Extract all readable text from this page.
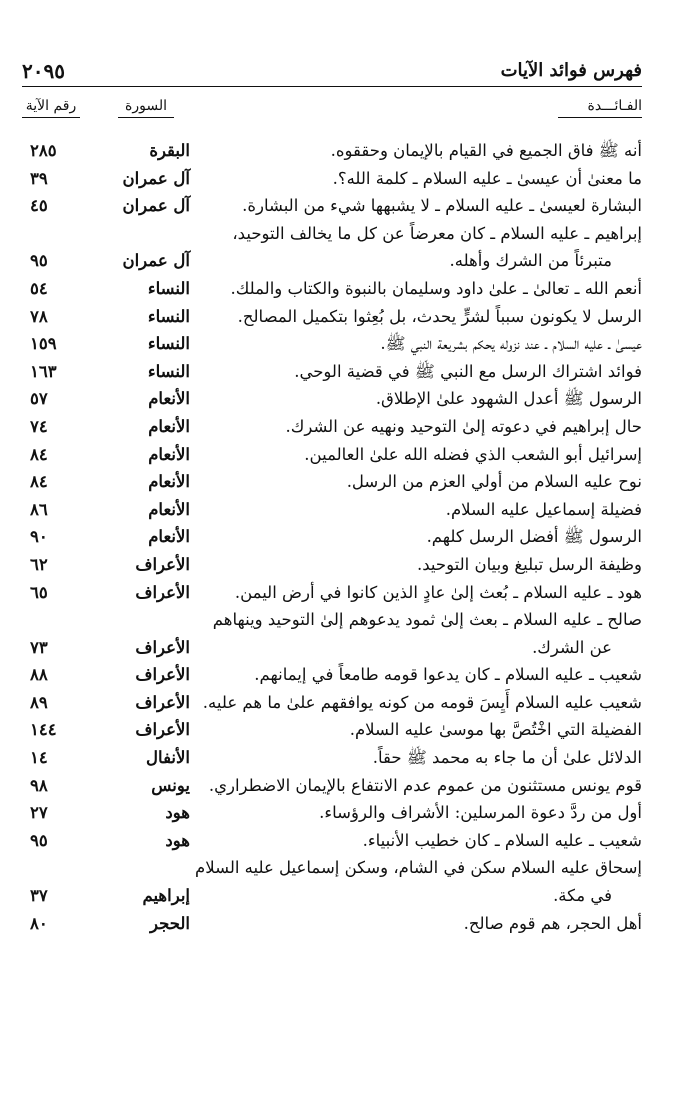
فهرس فوائد الآيات
٢٠٩٥
الفـائـــدة
السورة
رقم الآية
أنه ﷺ فاق الجميع في القيام بالإيمان وحققوه.
البقرة
٢٨٥
ما معنىٰ أن عيسىٰ ـ عليه السلام ـ كلمة الله؟.
آل عمران
٣٩
البشارة لعيسىٰ ـ عليه السلام ـ لا يشبهها شيء من البشارة.
آل عمران
٤٥
إبراهيم ـ عليه السلام ـ كان معرضاً عن كل ما يخالف التوحيد،
متبرئاً من الشرك وأهله.
آل عمران
٩٥
أنعم الله ـ تعالىٰ ـ علىٰ داود وسليمان بالنبوة والكتاب والملك.
النساء
٥٤
الرسل لا يكونون سبباً لشرٍّ يحدث، بل بُعِثوا بتكميل المصالح.
النساء
٧٨
عيسىٰ ـ عليه السلام ـ عند نزوله يحكم بشريعة النبي ﷺ.
النساء
١٥٩
فوائد اشتراك الرسل مع النبي ﷺ في قضية الوحي.
النساء
١٦٣
الرسول ﷺ أعدل الشهود علىٰ الإطلاق.
الأنعام
٥٧
حال إبراهيم في دعوته إلىٰ التوحيد ونهيه عن الشرك.
الأنعام
٧٤
إسرائيل أبو الشعب الذي فضله الله علىٰ العالمين.
الأنعام
٨٤
نوح عليه السلام من أولي العزم من الرسل.
الأنعام
٨٤
فضيلة إسماعيل عليه السلام.
الأنعام
٨٦
الرسول ﷺ أفضل الرسل كلهم.
الأنعام
٩٠
وظيفة الرسل تبليغ وبيان التوحيد.
الأعراف
٦٢
هود ـ عليه السلام ـ بُعث إلىٰ عادٍ الذين كانوا في أرض اليمن.
الأعراف
٦٥
صالح ـ عليه السلام ـ بعث إلىٰ ثمود يدعوهم إلىٰ التوحيد وينهاهم
عن الشرك.
الأعراف
٧٣
شعيب ـ عليه السلام ـ كان يدعوا قومه طامعاً في إيمانهم.
الأعراف
٨٨
شعيب عليه السلام أَيِسَ قومه من كونه يوافقهم علىٰ ما هم عليه.
الأعراف
٨٩
الفضيلة التي اخْتُصَّ بها موسىٰ عليه السلام.
الأعراف
١٤٤
الدلائل علىٰ أن ما جاء به محمد ﷺ حقاً.
الأنفال
١٤
قوم يونس مستثنون من عموم عدم الانتفاع بالإيمان الاضطراري.
يونس
٩٨
أول من ردَّ دعوة المرسلين: الأشراف والرؤساء.
هود
٢٧
شعيب ـ عليه السلام ـ كان خطيب الأنبياء.
هود
٩٥
إسحاق عليه السلام سكن في الشام، وسكن إسماعيل عليه السلام
في مكة.
إبراهيم
٣٧
أهل الحجر، هم قوم صالح.
الحجر
٨٠
